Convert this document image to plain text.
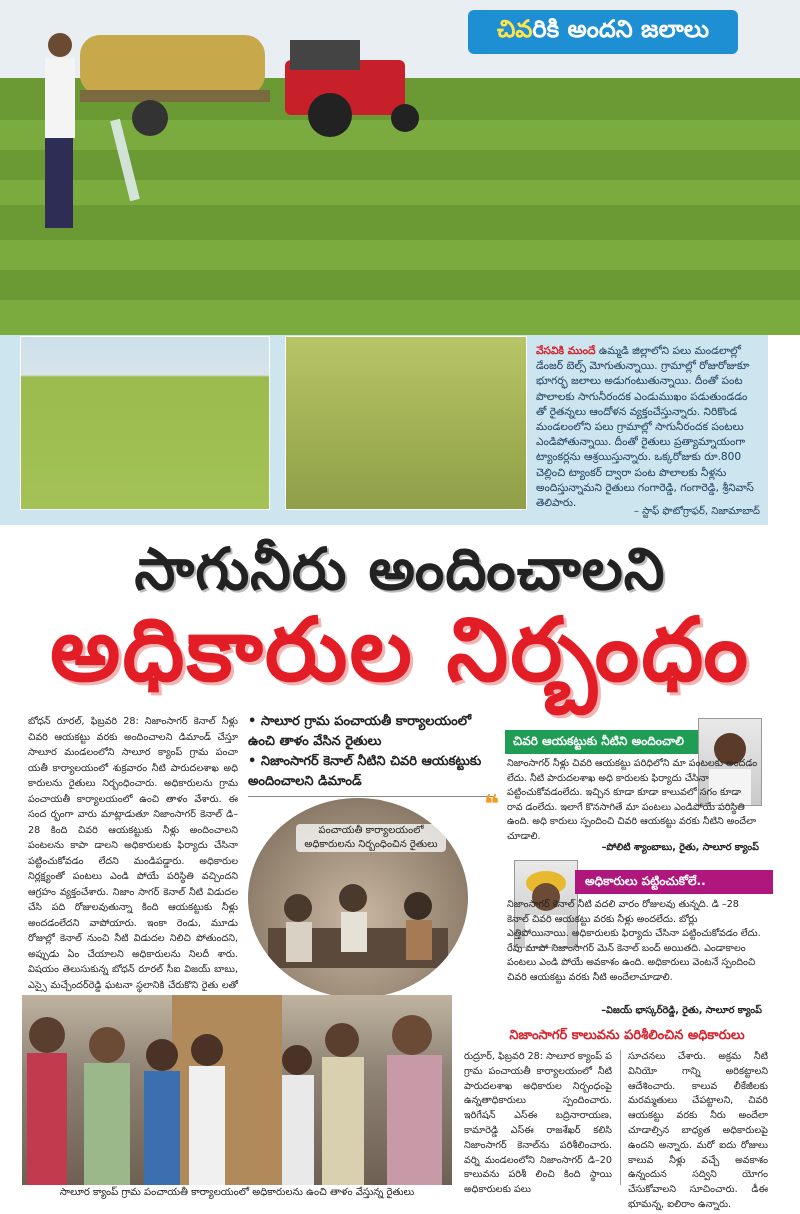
చివ రి కి అందని జలాలు
వేసవికి ముందే ఉమ్మడి జిల్లాలోని పలు మండలాల్లో డేంజర్ బెల్స్ మోగుతున్నాయి. గ్రామాల్లో రోజురోజుకూ భూగర్భ జలాలు అడుగంటుతున్నాయి. దీంతో పంట పొలాలకు సాగునీరందక ఎండుముఖం పడుతుండడం తో రైతన్నలు ఆందోళన వ్యక్తంచేస్తున్నారు. నిరికొండ మండలంలోని పలు గ్రామాల్లో సాగునీరందక పంటలు ఎండిపోతున్నాయి. దీంతో రైతులు ప్రత్యామ్నాయంగా ట్యాంకర్లను ఆశ్రయిస్తున్నారు. ఒక్కరోజుకు రూ.800 చెల్లించి ట్యాంకర్ ద్వారా పంట పొలాలకు నీళ్లను అందిస్తున్నామని రైతులు గంగారెడ్డి, గంగారెడ్డి, శ్రీనివాస్ తెలిపారు.
– స్టాఫ్ ఫొటోగ్రాఫర్, నిజామాబాద్
సాగునీరు అందించాలని
అధికారుల నిర్బంధం
బోధన్ రూరల్, ఫిబ్రవరి 28: నిజాంసాగర్ కెనాల్ నీళ్లు చివరి ఆయకట్టు వరకు అందించాలని డిమాండ్ చేస్తూ సాలూర మండలంలోని సాలూర క్యాంప్ గ్రామ పంచా యతీ కార్యాలయంలో శుక్రవారం నీటి పారుదలశాఖ అధి కారులను రైతులు నిర్బంధించారు. అధికారులను గ్రామ పంచాయతీ కార్యాలయంలో ఉంచి తాళం వేశారు. ఈ సంద ర్భంగా వారు మాట్లాడుతూ నిజాంసాగర్ కెనాల్ డి–28 కింది చివరి ఆయకట్టుకు నీళ్లు అందించాలని పంటలను కాపా డాలని అధికారులకు ఫిర్యాదు చేసినా పట్టించుకోవడం లేదని మండిపడ్డారు. అధికారుల నిర్లక్ష్యంతో పంటలు ఎండి పోయే పరిస్థితి వచ్చిందని ఆగ్రహం వ్యక్తంచేశారు. నిజాం సాగర్ కెనాల్ నీటి విడుదల చేసి పది రోజులవుతున్నా కింది ఆయకట్టుకు నీళ్లు అందడంలేదని వాపోయారు. ఇంకా రెండు, మూడు రోజుల్లో కెనాల్ నుంచి నీటి విడుదల నిలిచి పోతుందని, అప్పుడు ఏం చేయాలని అధికారులను నిలదీ శారు. విషయం తెలుసుకున్న బోధన్ రూరల్ సీఐ విజయ్ బాబు, ఎస్సై మచ్చేందర్‌రెడ్డి ఘటనా స్థలానికి చేరుకొని రైతు లతో
• సాలూర గ్రామ పంచాయతీ కార్యాలయంలో ఉంచి తాళం వేసిన రైతులు
• నిజాంసాగర్ కెనాల్ నీటిని చివరి ఆయకట్టుకు అందించాలని డిమాండ్
పంచాయతీ కార్యాలయంలో అధికారులను నిర్బంధించిన రైతులు
సాలూర క్యాంప్ గ్రామ పంచాయతీ కార్యాలయంలో అధికారులను ఉంచి తాళం వేస్తున్న రైతులు
చివరి ఆయకట్టుకు నీటిని అందించాలి
❝
నిజాంసాగర్ నీళ్లు చివరి ఆయకట్టు పరిధిలోని మా పంటలకు అందడం లేదు. నీటి పారుదలశాఖ అధి కారులకు ఫిర్యాదు చేసినా పట్టించుకోవడంలేదు. ఇచ్చిన కూడా కూడా కాలువలో సగం కూడా రావ డంలేదు. ఇలాగే కొనసాగితే మా పంటలు ఎండిపోయే పరిస్థితి ఉంది. అధి కారులు స్పందించి చివరి ఆయకట్టు వరకు నీటిని అందేలా చూడాలి.
–పోలిటి శ్యాంబాబు, రైతు, సాలూర క్యాంప్
అధికారులు పట్టించుకోలే..
నిజాంసాగర్ కెనాల్ నీటి వదలి వారం రోజులవు తున్నది. డి –28 కెనాల్ చివరి ఆయకట్టు వరకు నీళ్లు అందలేదు. బోర్లు ఎత్తిపోయినాయి. అధికారులకు ఫిర్యాదు చేసినా పట్టించుకోవడం లేదు. రేపు మాపో నిజాంసాగర్ మెన్ కెనాల్ బంద్ అయితది. ఎండాకాలం పంటలు ఎండి పోయే అవకాశం ఉంది. అధికారులు వెంటనే స్పందించి చివరి ఆయకట్టు వరకు నీటి అందేలాచూడాలి.
–విజయ్ భాస్కర్‌రెడ్డి, రైతు, సాలూర క్యాంప్
నిజాంసాగర్ కాలువను పరిశీలించిన అధికారులు
రుద్రూర్, ఫిబ్రవరి 28: సాలూర క్యాంప్ ప గ్రామ పంచాయతీ కార్యాలయంలో నీటి పారుదలశాఖ అధికారుల నిర్బంధంపై ఉన్నతాధికారులు స్పందించారు. ఇరిగేషన్ ఎస్ఈ బద్రినారాయణ, కామారెడ్డి ఎస్ఈ రాజశేఖర్ కలిసి నిజాంసాగర్ కెనాల్‌ను పరిశీలించారు. వర్ని మండలంలోని నిజాంసాగర్ డి–20 కాలువను పరిశీ లించి కింది స్థాయి అధికారులకు పలు
సూచనలు చేశారు. అక్రమ నీటి వినియో గాన్ని అరికట్టాలని ఆదేశించారు. కాలువ లీకేజీలకు మరమ్మతులు చేపట్టాలని, చివరి ఆయకట్టు వరకు నీరు అందేలా చూడాల్సిన బాధ్యత అధికారులపై ఉందని అన్నారు. మరో ఐదు రోజులు కాలువ నీళ్లు వచ్చే అవకాశం ఉన్నందున సద్విని యోగం చేసుకోవాలని సూచించారు. డీఈ భూమన్న, ఐలిరాం ఉన్నారు.
